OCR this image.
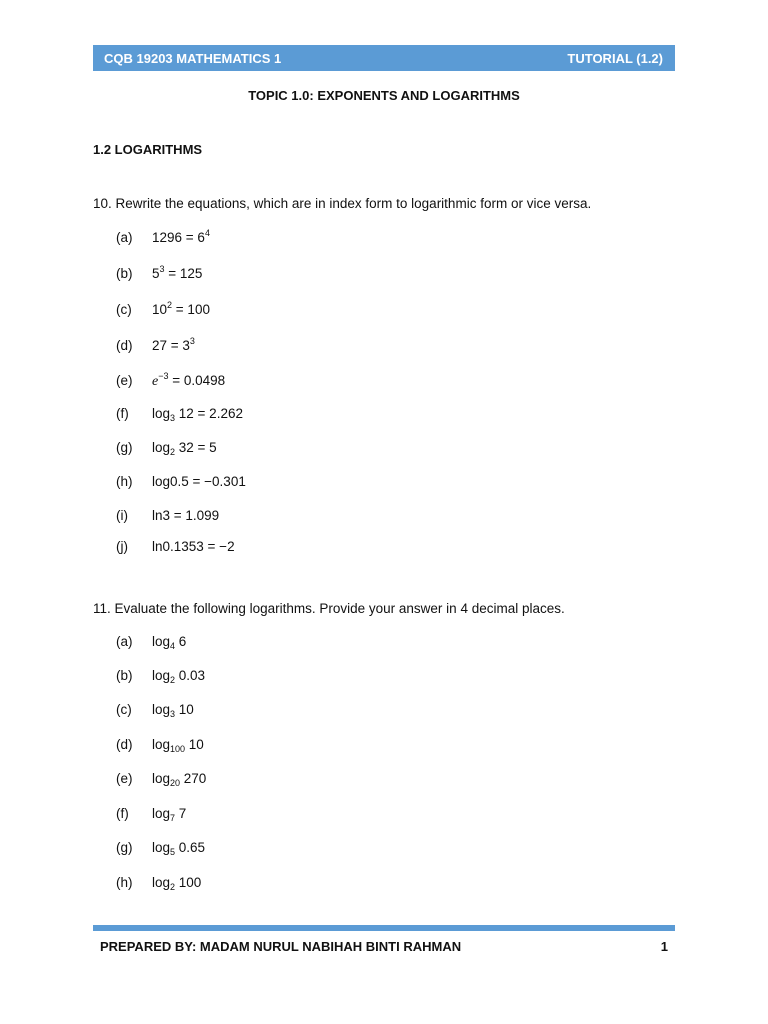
CQB 19203 MATHEMATICS 1	TUTORIAL (1.2)
TOPIC 1.0: EXPONENTS AND LOGARITHMS
1.2 LOGARITHMS
10. Rewrite the equations, which are in index form to logarithmic form or vice versa.
(a)	$1296 = 6^4$
(b)	$5^3 = 125$
(c)	$10^2 = 100$
(d)	$27 = 3^3$
(e)	$e^{-3} = 0.0498$
(f)	$\log_3 12 = 2.262$
(g)	$\log_2 32 = 5$
(h)	log0.5 = −0.301
(i)	ln3 = 1.099
(j)	ln0.1353 = −2
11. Evaluate the following logarithms. Provide your answer in 4 decimal places.
(a)	$\log_4 6$
(b)	$\log_2 0.03$
(c)	$\log_3 10$
(d)	$\log_{100} 10$
(e)	$\log_{20} 270$
(f)	$\log_7 7$
(g)	$\log_5 0.65$
(h)	$\log_2 100$
PREPARED BY: MADAM NURUL NABIHAH BINTI RAHMAN	1
